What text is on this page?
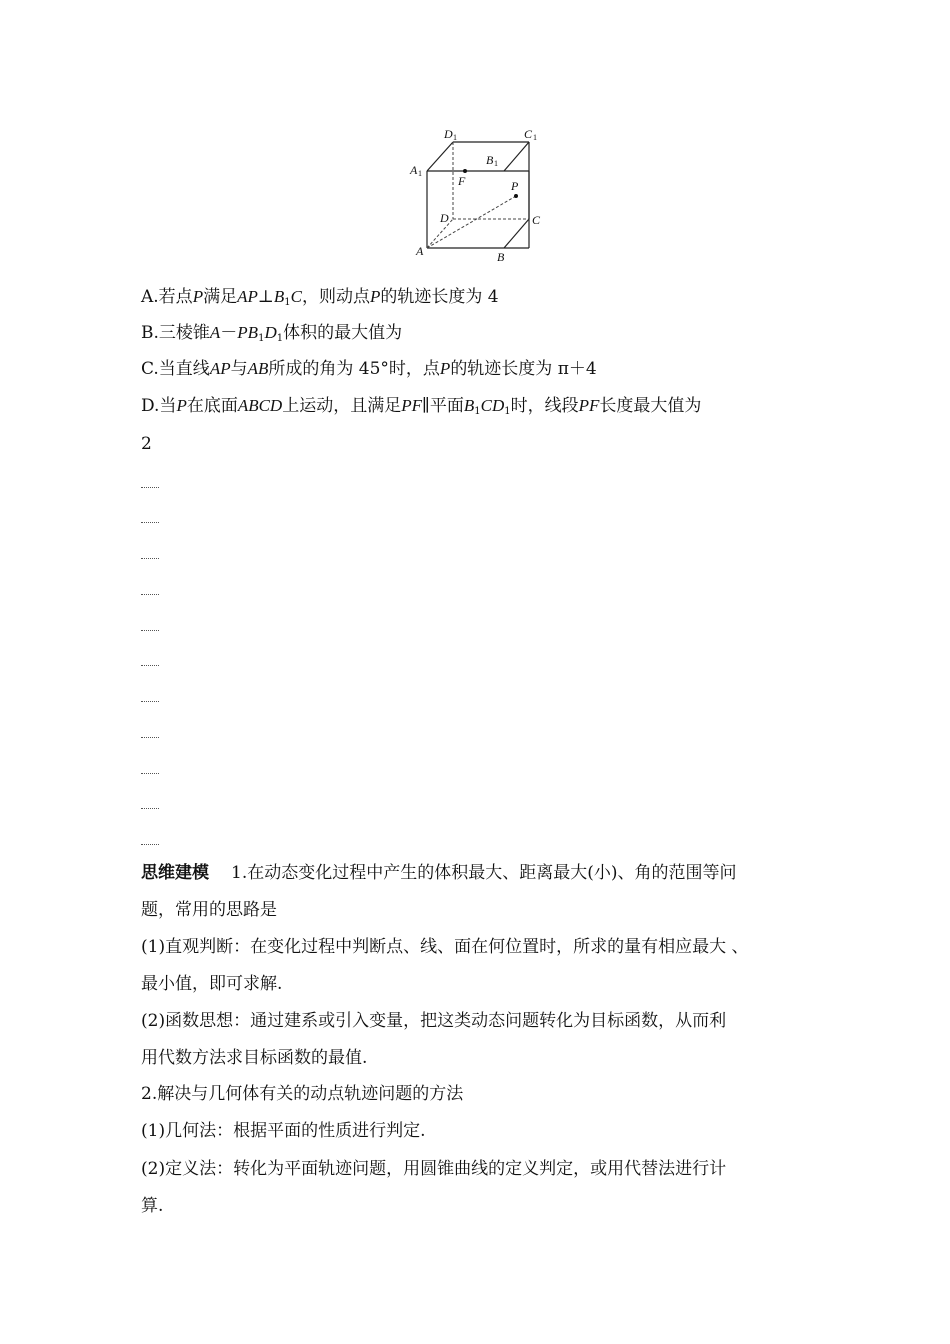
D 1	C 1
A 1
B 1
F	P
D	C
A	B
A.若点P满足$AP\perp B_1C$，则动点P的轨迹长度为 4
B.三棱锥$A-PB_1D_1$体积的最大值为
C.当直线AP与AB所成的角为 45°时，点P的轨迹长度为 π＋4
D.当P在底面ABCD上运动，且满足PF∥平面$B_1CD_1$时，线段PF长度最大值为
2
思维建模 1.在动态变化过程中产生的体积最大、距离最大(小)、角的范围等问
题，常用的思路是
(1)直观判断：在变化过程中判断点、线、面在何位置时，所求的量有相应最大 、
最小值，即可求解.
(2)函数思想：通过建系或引入变量，把这类动态问题转化为目标函数，从而利
用代数方法求目标函数的最值.
2.解决与几何体有关的动点轨迹问题的方法
(1)几何法：根据平面的性质进行判定.
(2)定义法：转化为平面轨迹问题，用圆锥曲线的定义判定，或用代替法进行计
算.
